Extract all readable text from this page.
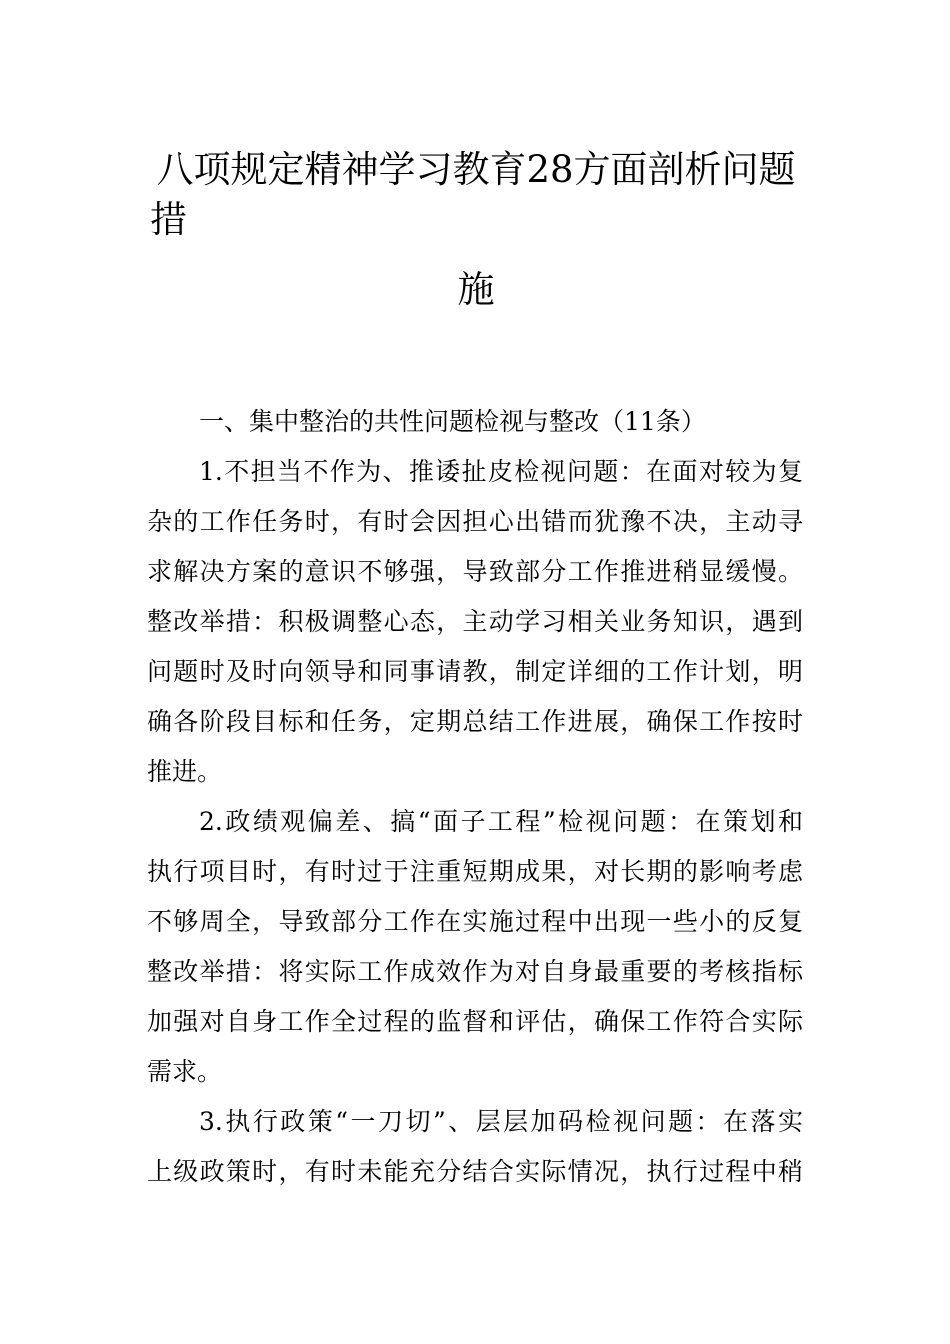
八项规定精神学习教育28方面剖析问题措
施
一、集中整治的共性问题检视与整改（11条）
1.不担当不作为、推诿扯皮检视问题：在面对较为复
杂的工作任务时，有时会因担心出错而犹豫不决，主动寻
求解决方案的意识不够强，导致部分工作推进稍显缓慢。
整改举措：积极调整心态，主动学习相关业务知识，遇到
问题时及时向领导和同事请教，制定详细的工作计划，明
确各阶段目标和任务，定期总结工作进展，确保工作按时
推进。
2.政绩观偏差、搞“面子工程”检视问题：在策划和
执行项目时，有时过于注重短期成果，对长期的影响考虑
不够周全，导致部分工作在实施过程中出现一些小的反复
整改举措：将实际工作成效作为对自身最重要的考核指标
加强对自身工作全过程的监督和评估，确保工作符合实际
需求。
3.执行政策“一刀切”、层层加码检视问题：在落实
上级政策时，有时未能充分结合实际情况，执行过程中稍
